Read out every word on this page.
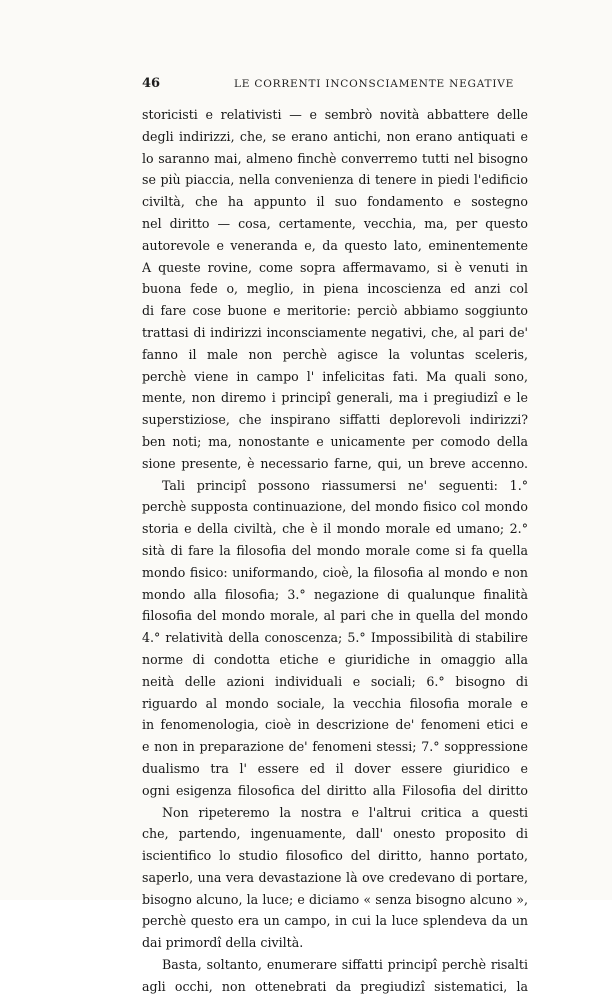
46	LE CORRENTI INCONSCIAMENTE NEGATIVE
storicisti e relativisti — e sembrò novità abbattere delle
degli indirizzi, che, se erano antichi, non erano antiquati e
lo saranno mai, almeno finchè converremo tutti nel bisogno
se più piaccia, nella convenienza di tenere in piedi l'edificio
civiltà, che ha appunto il suo fondamento e sostegno
nel diritto — cosa, certamente, vecchia, ma, per questo
autorevole e veneranda e, da questo lato, eminentemente
A queste rovine, come sopra affermavamo, si è venuti in
buona fede o, meglio, in piena incoscienza ed anzi col
di fare cose buone e meritorie: perciò abbiamo soggiunto
trattasi di indirizzi inconsciamente negativi, che, al pari de'
fanno il male non perchè agisce la voluntas sceleris,
perchè viene in campo l' infelicitas fati. Ma quali sono,
mente, non diremo i principî generali, ma i pregiudizî e le
superstiziose, che inspirano siffatti deplorevoli indirizzi?
ben noti; ma, nonostante e unicamente per comodo della
sione presente, è necessario farne, qui, un breve accenno.
Tali principî possono riassumersi ne' seguenti: 1.°
perchè supposta continuazione, del mondo fisico col mondo
storia e della civiltà, che è il mondo morale ed umano; 2.°
sità di fare la filosofia del mondo morale come si fa quella
mondo fisico: uniformando, cioè, la filosofia al mondo e non
mondo alla filosofia; 3.° negazione di qualunque finalità
filosofia del mondo morale, al pari che in quella del mondo
4.° relatività della conoscenza; 5.° Impossibilità di stabilire
norme di condotta etiche e giuridiche in omaggio alla
neità delle azioni individuali e sociali; 6.° bisogno di
riguardo al mondo sociale, la vecchia filosofia morale e
in fenomenologia, cioè in descrizione de' fenomeni etici e
e non in preparazione de' fenomeni stessi; 7.° soppressione
dualismo tra l' essere ed il dover essere giuridico e
ogni esigenza filosofica del diritto alla Filosofia del diritto
Non ripeteremo la nostra e l'altrui critica a questi
che, partendo, ingenuamente, dall' onesto proposito di
iscientifico lo studio filosofico del diritto, hanno portato,
saperlo, una vera devastazione là ove credevano di portare,
bisogno alcuno, la luce; e diciamo « senza bisogno alcuno »,
perchè questo era un campo, in cui la luce splendeva da un
dai primordî della civiltà.
Basta, soltanto, enumerare siffatti principî perchè risalti
agli occhi, non ottenebrati da pregiudizî sistematici, la
